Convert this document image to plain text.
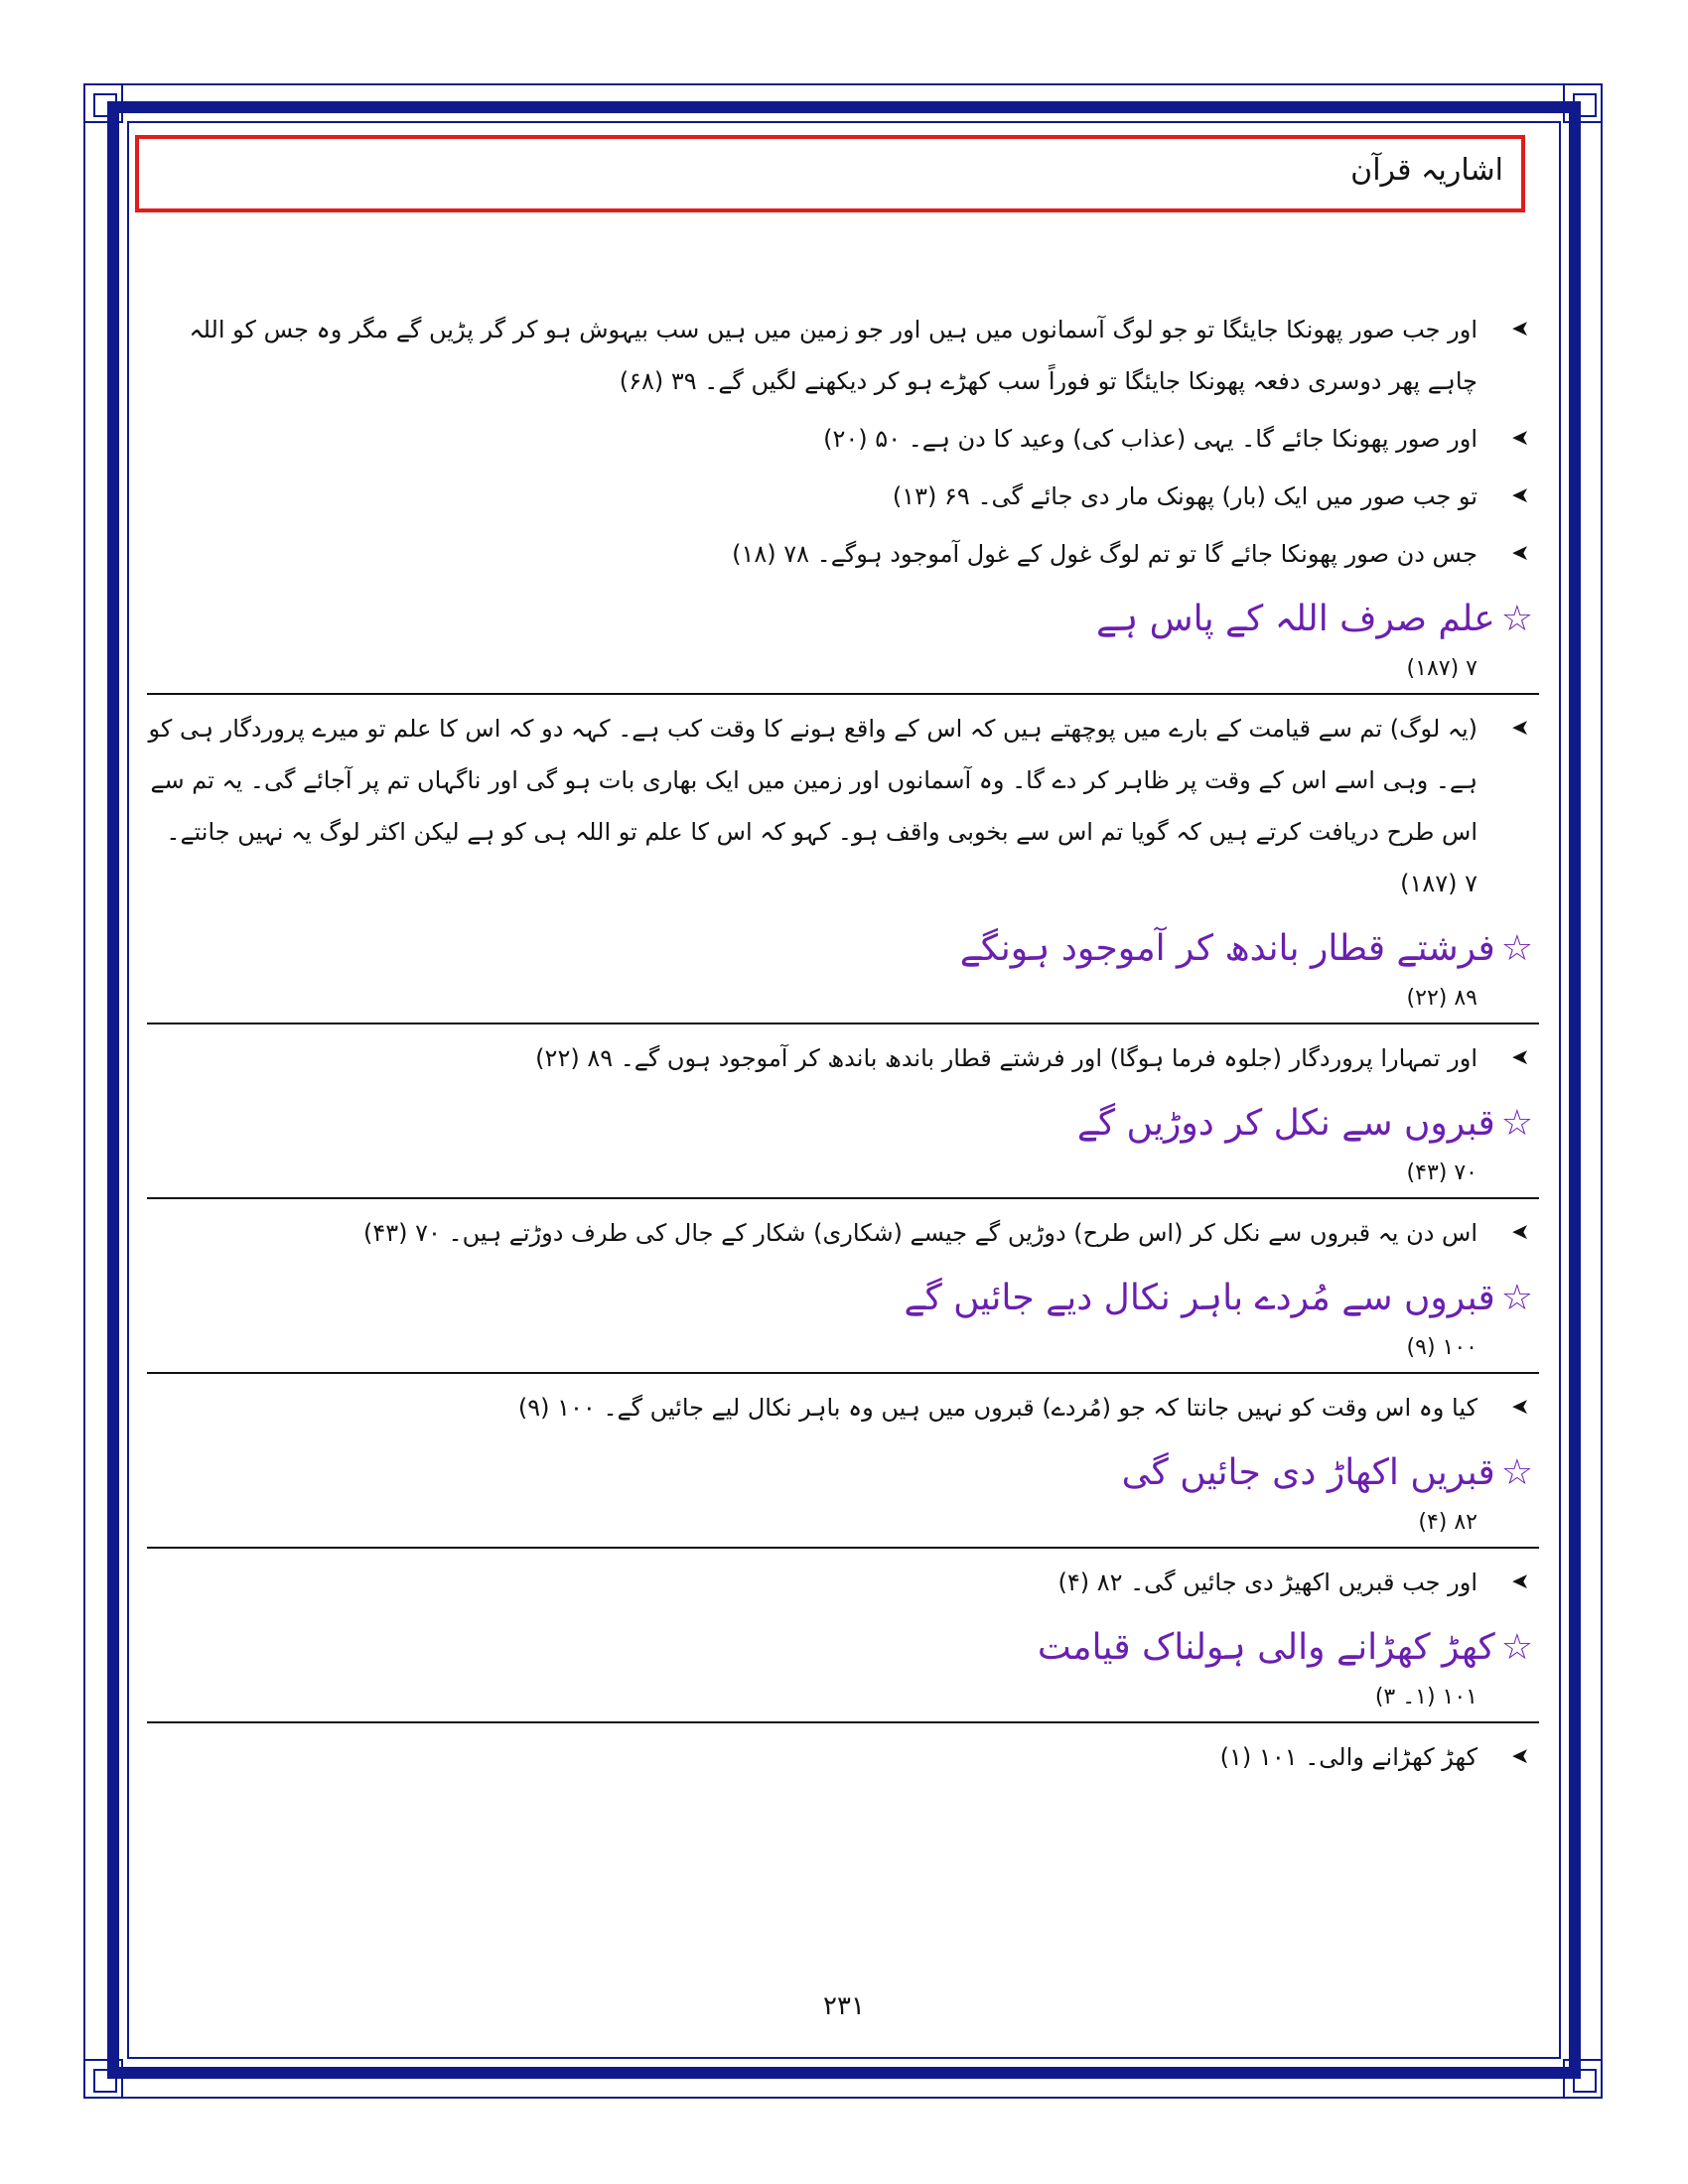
اشاریہ قرآن
➤
اور جب صور پھونکا جایئگا تو جو لوگ آسمانوں میں ہیں اور جو زمین میں ہیں سب بیہوش ہو کر گر پڑیں گے مگر وہ جس کو اللہ چاہے پھر دوسری دفعہ پھونکا جایئگا تو فوراً سب کھڑے ہو کر دیکھنے لگیں گے۔ ۳۹ (۶۸)
➤
اور صور پھونکا جائے گا۔ یہی (عذاب کی) وعید کا دن ہے۔ ۵۰ (۲۰)
➤
تو جب صور میں ایک (بار) پھونک مار دی جائے گی۔ ۶۹ (۱۳)
➤
جس دن صور پھونکا جائے گا تو تم لوگ غول کے غول آموجود ہوگے۔ ۷۸ (۱۸)
☆علم صرف اللہ کے پاس ہے
۷ (۱۸۷)
➤
(یہ لوگ) تم سے قیامت کے بارے میں پوچھتے ہیں کہ اس کے واقع ہونے کا وقت کب ہے۔ کہہ دو کہ اس کا علم تو میرے پروردگار ہی کو ہے۔ وہی اسے اس کے وقت پر ظاہر کر دے گا۔ وہ آسمانوں اور زمین میں ایک بھاری بات ہو گی اور ناگہاں تم پر آجائے گی۔ یہ تم سے اس طرح دریافت کرتے ہیں کہ گویا تم اس سے بخوبی واقف ہو۔ کہو کہ اس کا علم تو اللہ ہی کو ہے لیکن اکثر لوگ یہ نہیں جانتے۔ ۷ (۱۸۷)
☆فرشتے قطار باندھ کر آموجود ہونگے
۸۹ (۲۲)
➤
اور تمہارا پروردگار (جلوہ فرما ہوگا) اور فرشتے قطار باندھ باندھ کر آموجود ہوں گے۔ ۸۹ (۲۲)
☆قبروں سے نکل کر دوڑیں گے
۷۰ (۴۳)
➤
اس دن یہ قبروں سے نکل کر (اس طرح) دوڑیں گے جیسے (شکاری) شکار کے جال کی طرف دوڑتے ہیں۔ ۷۰ (۴۳)
☆قبروں سے مُردے باہر نکال دیے جائیں گے
۱۰۰ (۹)
➤
کیا وہ اس وقت کو نہیں جانتا کہ جو (مُردے) قبروں میں ہیں وہ باہر نکال لیے جائیں گے۔ ۱۰۰ (۹)
☆قبریں اکھاڑ دی جائیں گی
۸۲ (۴)
➤
اور جب قبریں اکھیڑ دی جائیں گی۔ ۸۲ (۴)
☆کھڑ کھڑانے والی ہولناک قیامت
۱۰۱ (۱۔ ۳)
➤
کھڑ کھڑانے والی۔ ۱۰۱ (۱)
۲۳۱
